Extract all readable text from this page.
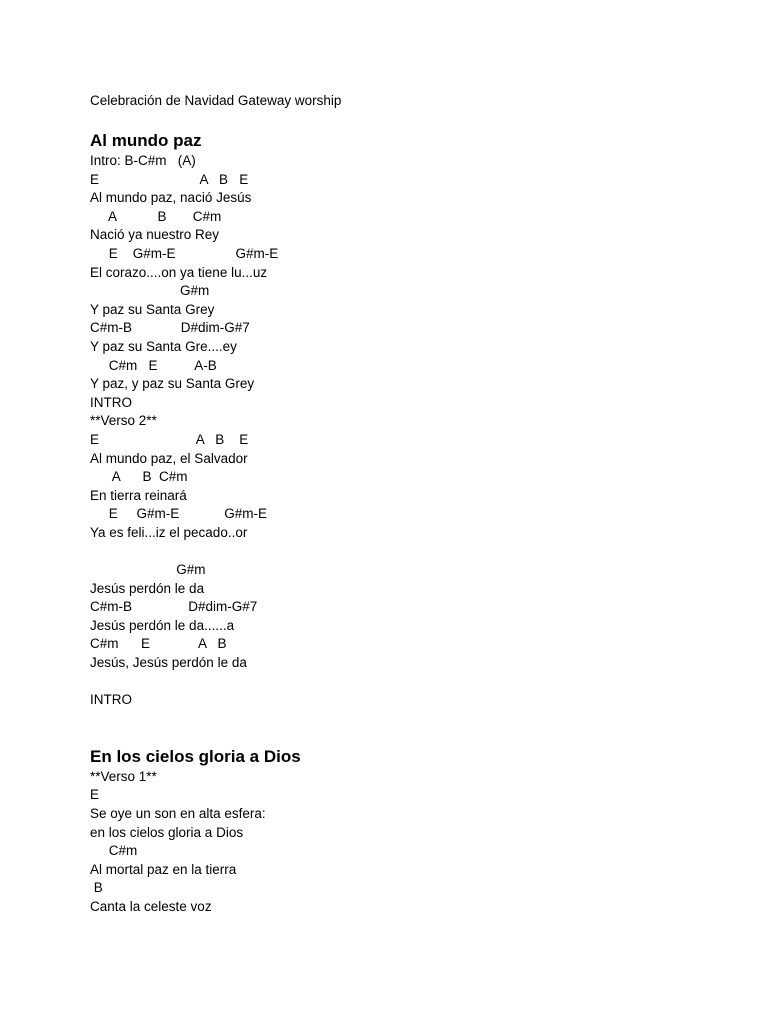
Celebración de Navidad Gateway worship
Al mundo paz
Intro: B-C#m   (A)
E                           A   B   E
Al mundo paz, nació Jesús
A           B       C#m
Nació ya nuestro Rey
E    G#m-E                G#m-E
El corazo....on ya tiene lu...uz
G#m
Y paz su Santa Grey
C#m-B             D#dim-G#7
Y paz su Santa Gre....ey
C#m   E          A-B
Y paz, y paz su Santa Grey
INTRO
**Verso 2**
E                          A   B    E
Al mundo paz, el Salvador
A      B  C#m
En tierra reinará
E     G#m-E            G#m-E
Ya es feli...iz el pecado..or
G#m
Jesús perdón le da
C#m-B               D#dim-G#7
Jesús perdón le da......a
C#m      E             A   B
Jesús, Jesús perdón le da
INTRO
En los cielos gloria a Dios
**Verso 1**
E
Se oye un son en alta esfera:
en los cielos gloria a Dios
C#m
Al mortal paz en la tierra
B
Canta la celeste voz
